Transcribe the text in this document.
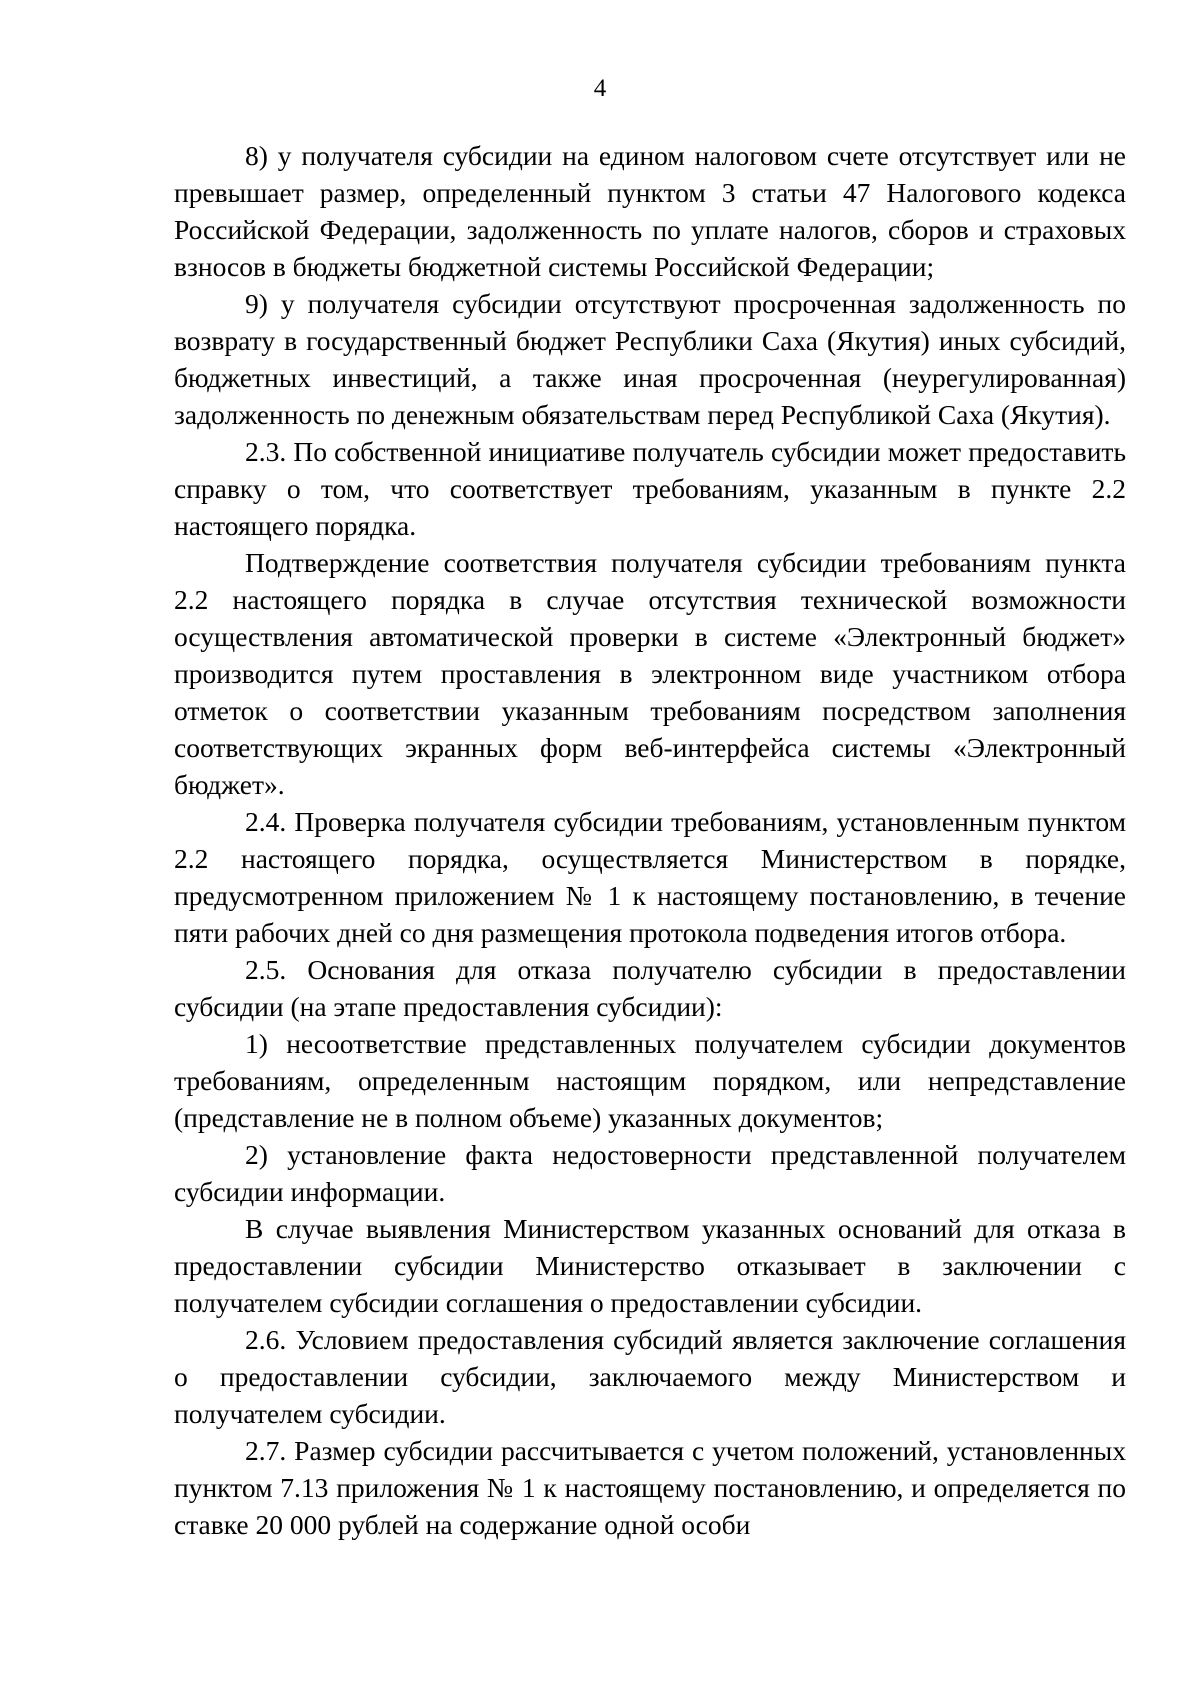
4

8) у получателя субсидии на едином налоговом счете отсутствует или не превышает размер, определенный пунктом 3 статьи 47 Налогового кодекса Российской Федерации, задолженность по уплате налогов, сборов и страховых взносов в бюджеты бюджетной системы Российской Федерации;

9) у получателя субсидии отсутствуют просроченная задолженность по возврату в государственный бюджет Республики Саха (Якутия) иных субсидий, бюджетных инвестиций, а также иная просроченная (неурегулированная) задолженность по денежным обязательствам перед Республикой Саха (Якутия).

2.3. По собственной инициативе получатель субсидии может предоставить справку о том, что соответствует требованиям, указанным в пункте 2.2 настоящего порядка.

Подтверждение соответствия получателя субсидии требованиям пункта 2.2 настоящего порядка в случае отсутствия технической возможности осуществления автоматической проверки в системе «Электронный бюджет» производится путем проставления в электронном виде участником отбора отметок о соответствии указанным требованиям посредством заполнения соответствующих экранных форм веб-интерфейса системы «Электронный бюджет».

2.4. Проверка получателя субсидии требованиям, установленным пунктом 2.2 настоящего порядка, осуществляется Министерством в порядке, предусмотренном приложением № 1 к настоящему постановлению, в течение пяти рабочих дней со дня размещения протокола подведения итогов отбора.

2.5. Основания для отказа получателю субсидии в предоставлении субсидии (на этапе предоставления субсидии):

1) несоответствие представленных получателем субсидии документов требованиям, определенным настоящим порядком, или непредставление (представление не в полном объеме) указанных документов;

2) установление факта недостоверности представленной получателем субсидии информации.

В случае выявления Министерством указанных оснований для отказа в предоставлении субсидии Министерство отказывает в заключении с получателем субсидии соглашения о предоставлении субсидии.

2.6. Условием предоставления субсидий является заключение соглашения о предоставлении субсидии, заключаемого между Министерством и получателем субсидии.

2.7. Размер субсидии рассчитывается с учетом положений, установленных пунктом 7.13 приложения № 1 к настоящему постановлению, и определяется по ставке 20 000 рублей на содержание одной особи
